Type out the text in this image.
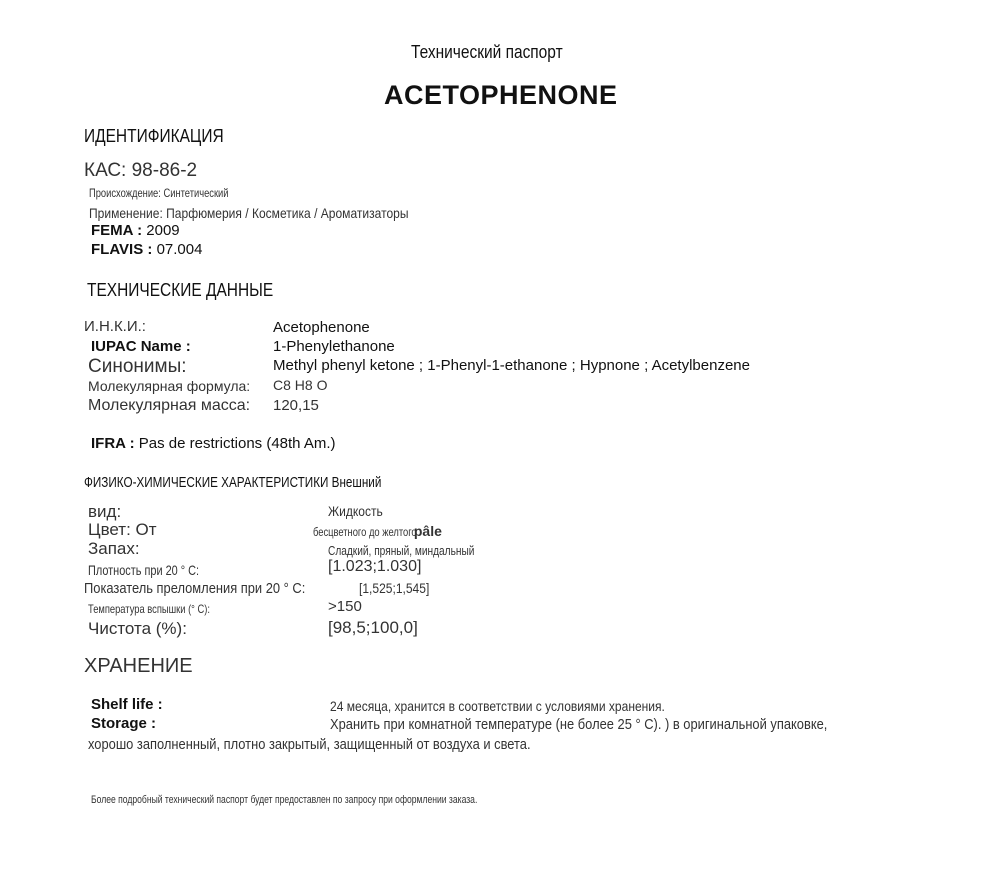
Технический паспорт
ACETOPHENONE
ИДЕНТИФИКАЦИЯ
КАС: 98-86-2
Происхождение: Синтетический
Применение: Парфюмерия / Косметика / Ароматизаторы
FEMA : 2009
FLAVIS : 07.004
ТЕХНИЧЕСКИЕ ДАННЫЕ
И.Н.К.И.:	Acetophenone
IUPAC Name :	1-Phenylethanone
Синонимы:	Methyl phenyl ketone ; 1-Phenyl-1-ethanone ; Hypnone ; Acetylbenzene
Молекулярная формула: C8 H8 O
Молекулярная масса: 120,15
IFRA : Pas de restrictions (48th Am.)
ФИЗИКО-ХИМИЧЕСКИЕ ХАРАКТЕРИСТИКИ Внешний
вид:	Жидкость
Цвет: От	бесцветного до желтогоpâle
Запах:	Сладкий, пряный, миндальный
Плотность при 20 ° С:	[1.023;1.030]
Показатель преломления при 20 ° С:	[1,525;1,545]
Температура вспышки (° С):	>150
Чистота (%):	[98,5;100,0]
ХРАНЕНИЕ
Shelf life :	24 месяца, хранится в соответствии с условиями хранения.
Storage :	Хранить при комнатной температуре (не более 25 ° С). ) в оригинальной упаковке,
хорошо заполненный, плотно закрытый, защищенный от воздуха и света.
Более подробный технический паспорт будет предоставлен по запросу при оформлении заказа.
